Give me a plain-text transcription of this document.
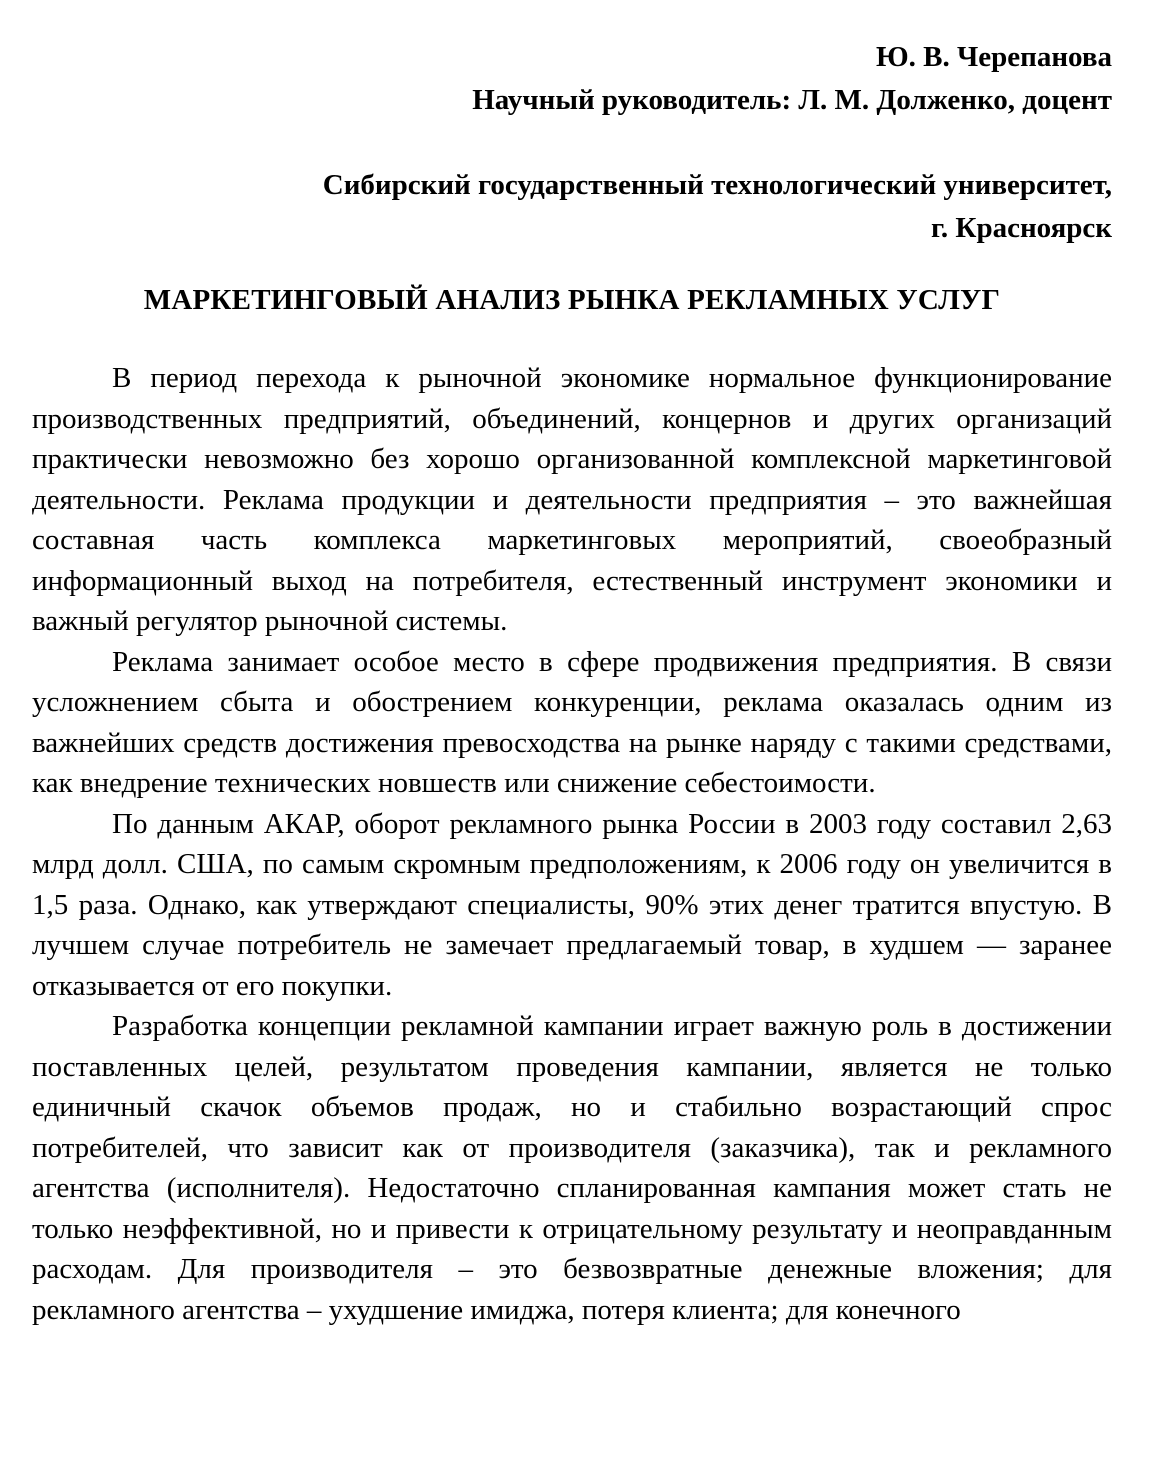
Ю. В. Черепанова
Научный руководитель: Л. М. Долженко, доцент
Сибирский государственный технологический университет,
г. Красноярск
МАРКЕТИНГОВЫЙ АНАЛИЗ РЫНКА РЕКЛАМНЫХ УСЛУГ

В период перехода к рыночной экономике нормальное функционирование производственных предприятий, объединений, концернов и других организаций практически невозможно без хорошо организованной комплексной маркетинговой деятельности. Реклама продукции и деятельности предприятия – это важнейшая составная часть комплекса маркетинговых мероприятий, своеобразный информационный выход на потребителя, естественный инструмент экономики и важный регулятор рыночной системы.

Реклама занимает особое место в сфере продвижения предприятия. В связи усложнением сбыта и обострением конкуренции, реклама оказалась одним из важнейших средств достижения превосходства на рынке наряду с такими средствами, как внедрение технических новшеств или снижение себестоимости.

По данным АКАР, оборот рекламного рынка России в 2003 году составил 2,63 млрд долл. США, по самым скромным предположениям, к 2006 году он увеличится в 1,5 раза. Однако, как утверждают специалисты, 90% этих денег тратится впустую. В лучшем случае потребитель не замечает предлагаемый товар, в худшем — заранее отказывается от его покупки.

Разработка концепции рекламной кампании играет важную роль в достижении поставленных целей, результатом проведения кампании, является не только единичный скачок объемов продаж, но и стабильно возрастающий спрос потребителей, что зависит как от производителя (заказчика), так и рекламного агентства (исполнителя). Недостаточно спланированная кампания может стать не только неэффективной, но и привести к отрицательному результату и неоправданным расходам. Для производителя – это безвозвратные денежные вложения; для рекламного агентства – ухудшение имиджа, потеря клиента; для конечного
